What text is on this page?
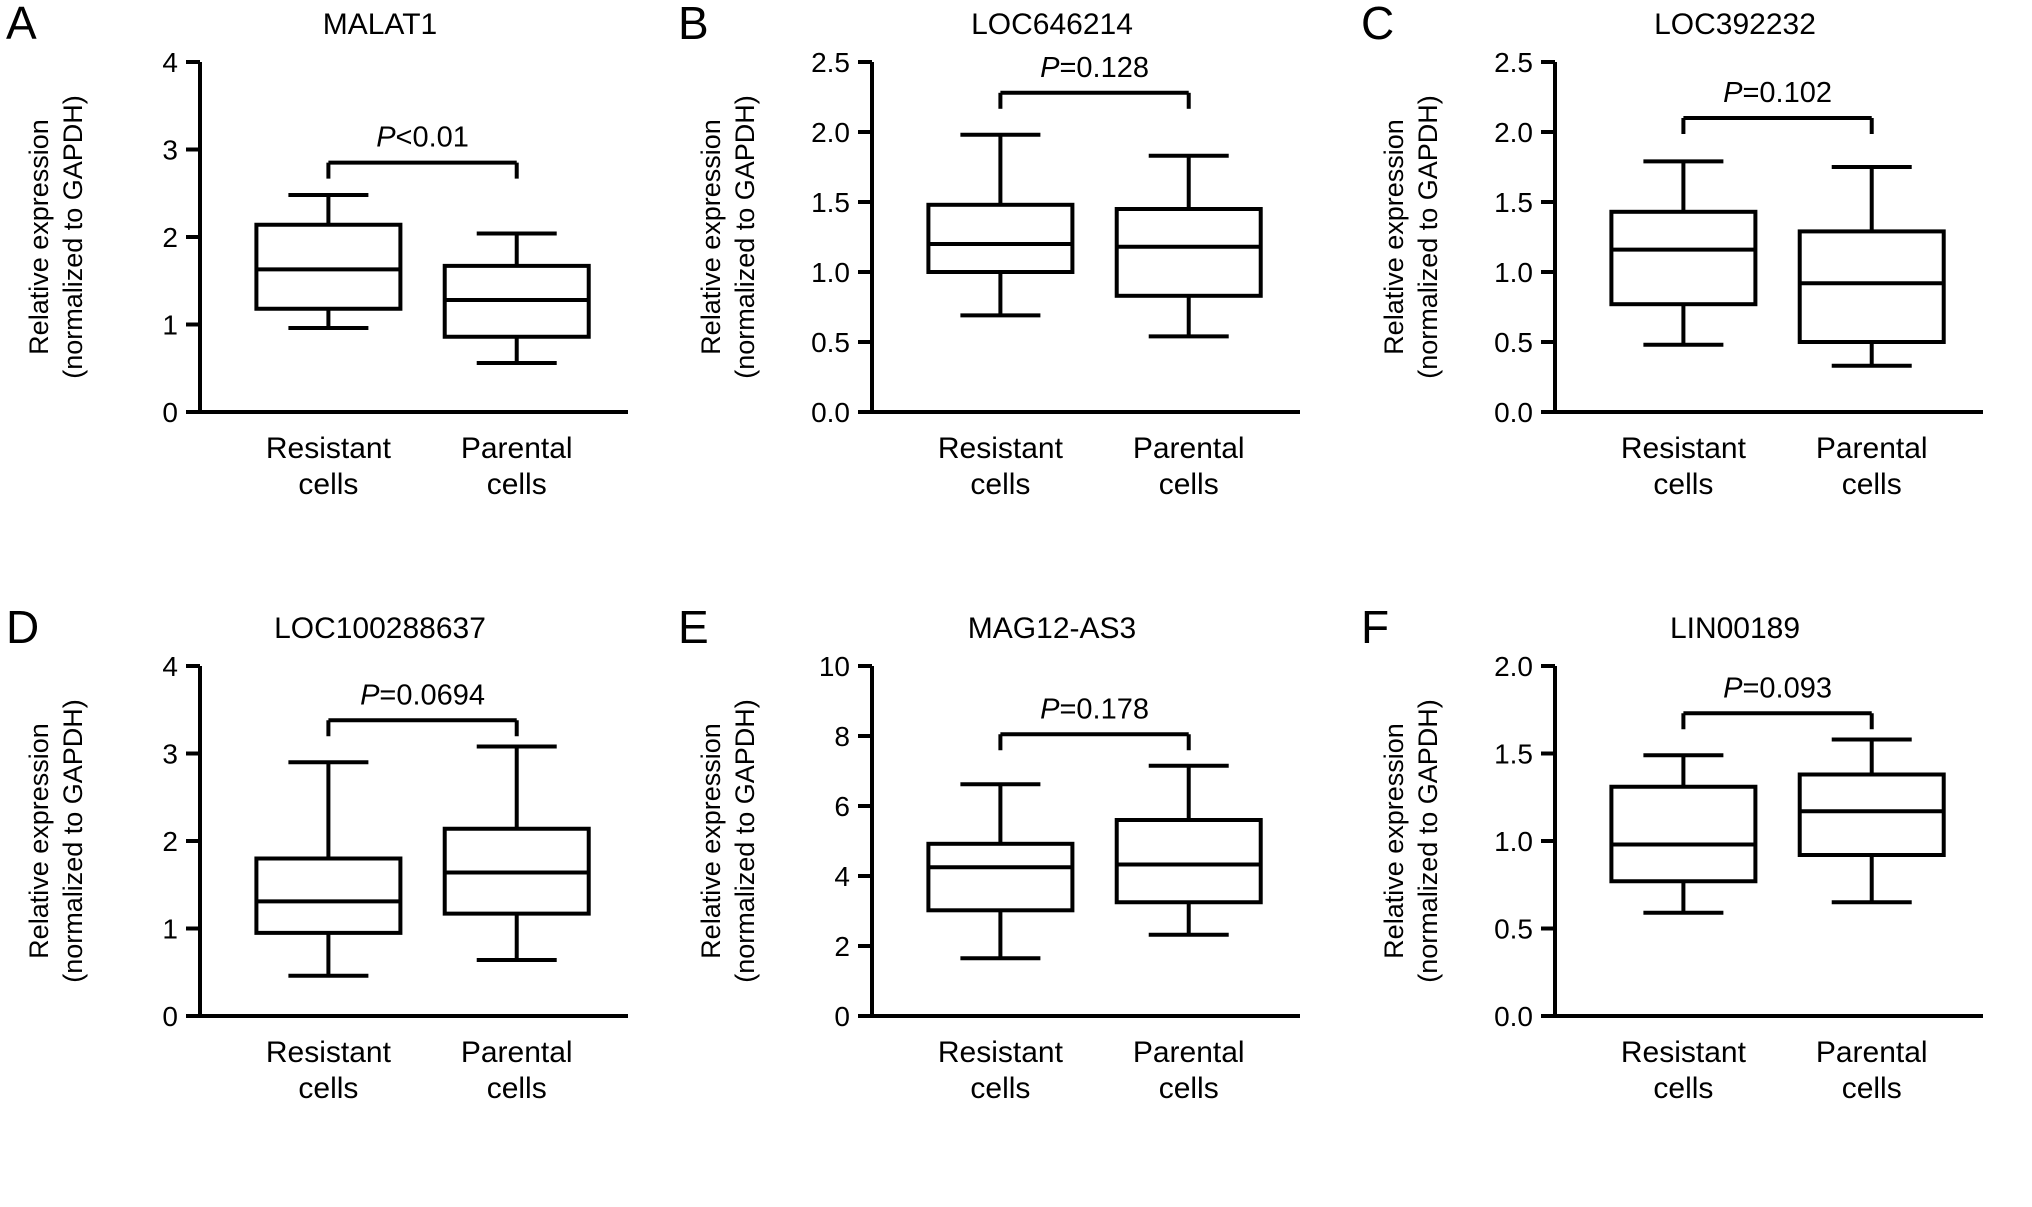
A	MALAT1
0
1
2
3
4
Relative expression (normalized to GAPDH)	P<0.01
Resistant
cells
Parental
cells
B	LOC646214
0.0
0.5
1.0
1.5
2.0
2.5
Relative expression (normalized to GAPDH)
P=0.128
Resistant
cells
Parental
cells
C	LOC392232
0.0
0.5
1.0
1.5
2.0
2.5
Relative expression (normalized to GAPDH)
P=0.102
Resistant
cells
Parental
cells
D	LOC100288637
0
1
2
3
4
Relative expression (normalized to GAPDH)
P=0.0694
Resistant
cells
Parental
cells
E	MAG12-AS3
0
2
4
6
8
10
Relative expression (normalized to GAPDH)	P=0.178
Resistant
cells
Parental
cells
F	LIN00189
0.0
0.5
1.0
1.5
2.0
Relative expression (normalized to GAPDH)
P=0.093
Resistant
cells
Parental
cells
